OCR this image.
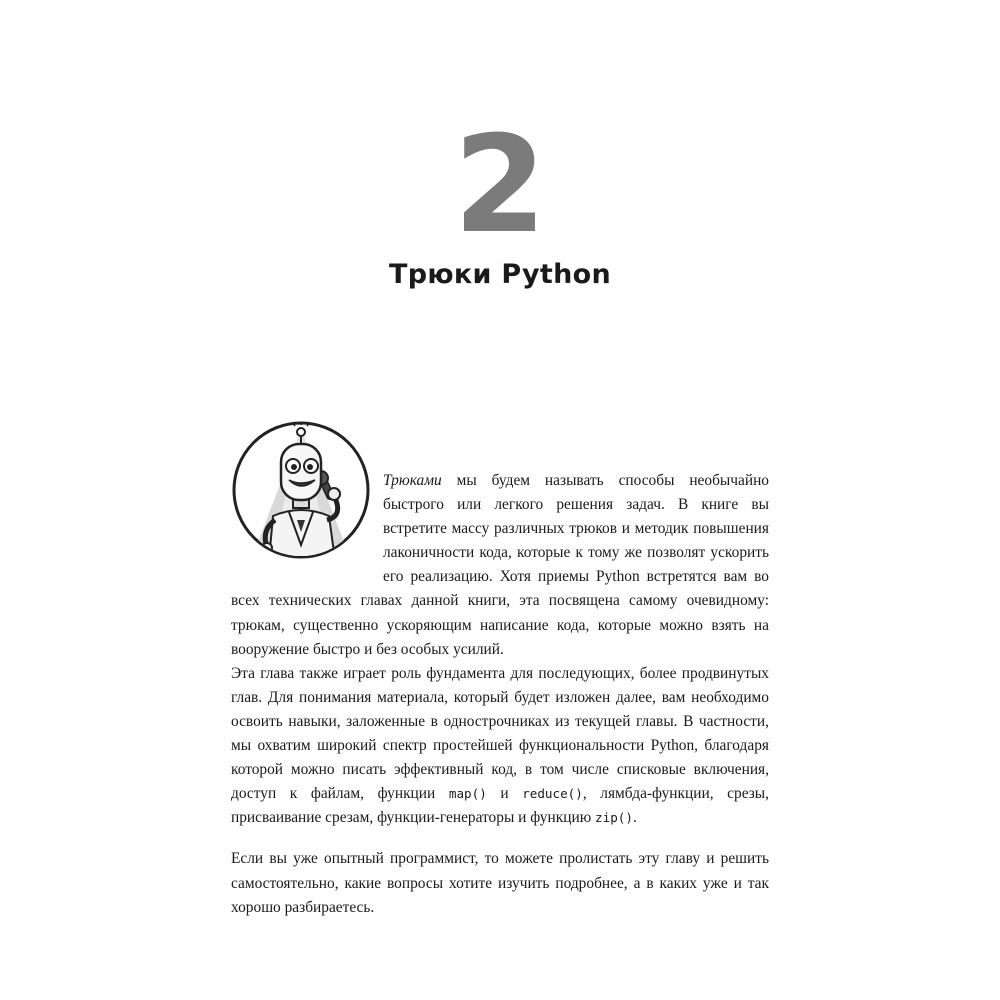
2
Трюки Python

Трюками мы будем называть способы необычайно быстрого или легкого решения задач. В книге вы встретите массу различных трюков и методик повышения лаконичности кода, которые к тому же позволят ускорить его реализацию. Хотя приемы Python встретятся вам во всех технических главах данной книги, эта посвящена самому очевидному: трюкам, существенно ускоряющим написание кода, которые можно взять на вооружение быстро и без особых усилий.

Эта глава также играет роль фундамента для последующих, более продвинутых глав. Для понимания материала, который будет изложен далее, вам необходимо освоить навыки, заложенные в однострочниках из текущей главы. В частности, мы охватим широкий спектр простейшей функциональности Python, благодаря которой можно писать эффективный код, в том числе списковые включения, доступ к файлам, функции map() и reduce(), лямбда-функции, срезы, присваивание срезам, функции-генераторы и функцию zip().

Если вы уже опытный программист, то можете пролистать эту главу и решить самостоятельно, какие вопросы хотите изучить подробнее, а в каких уже и так хорошо разбираетесь.
